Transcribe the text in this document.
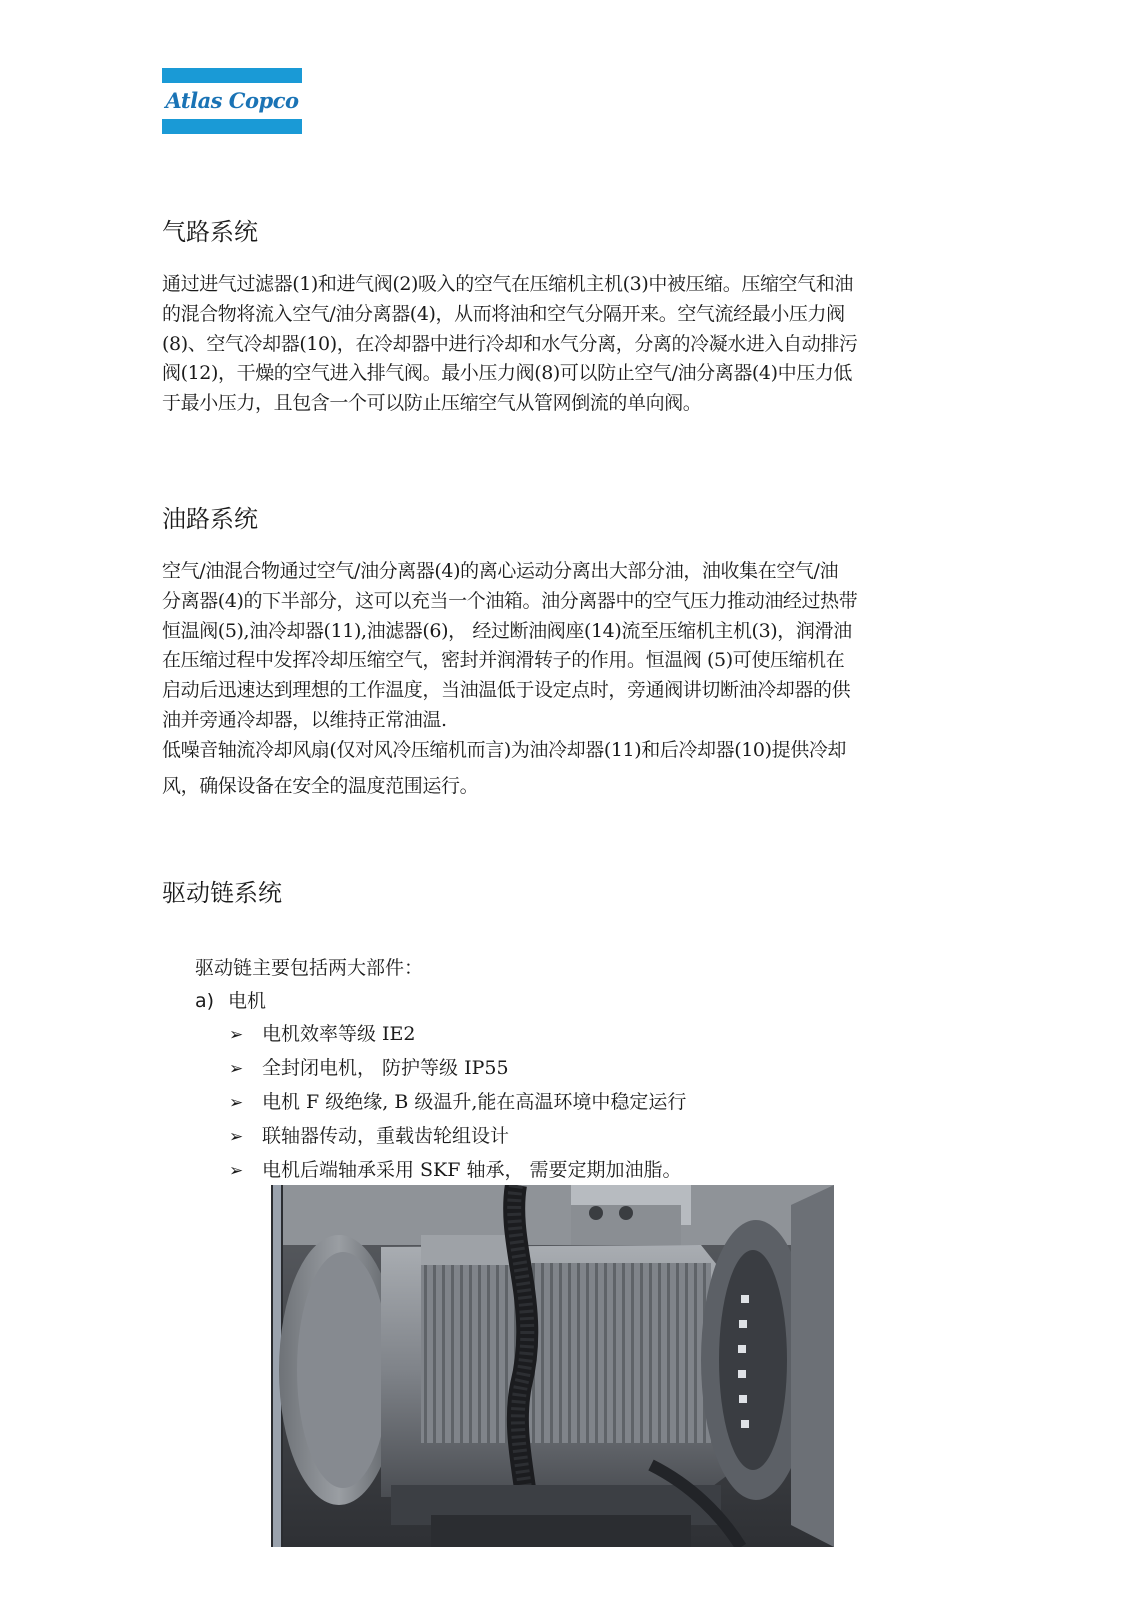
Atlas Copco
气路系统
通过进气过滤器(1)和进气阀(2)吸入的空气在压缩机主机(3)中被压缩。压缩空气和油
的混合物将流入空气/油分离器(4)，从而将油和空气分隔开来。空气流经最小压力阀
(8)、空气冷却器(10)，在冷却器中进行冷却和水气分离，分离的冷凝水进入自动排污
阀(12)，干燥的空气进入排气阀。最小压力阀(8)可以防止空气/油分离器(4)中压力低
于最小压力，且包含一个可以防止压缩空气从管网倒流的单向阀。
油路系统
空气/油混合物通过空气/油分离器(4)的离心运动分离出大部分油，油收集在空气/油
分离器(4)的下半部分，这可以充当一个油箱。油分离器中的空气压力推动油经过热带
恒温阀(5),油冷却器(11),油滤器(6)， 经过断油阀座(14)流至压缩机主机(3)，润滑油
在压缩过程中发挥冷却压缩空气，密封并润滑转子的作用。恒温阀 (5)可使压缩机在
启动后迅速达到理想的工作温度，当油温低于设定点时，旁通阀讲切断油冷却器的供
油并旁通冷却器，以维持正常油温.
低噪音轴流冷却风扇(仅对风冷压缩机而言)为油冷却器(11)和后冷却器(10)提供冷却
风，确保设备在安全的温度范围运行。
驱动链系统

驱动链主要包括两大部件：

a) 电机
➢ 电机效率等级 IE2
➢ 全封闭电机， 防护等级 IP55
➢ 电机 F 级绝缘, B 级温升,能在高温环境中稳定运行
➢ 联轴器传动，重载齿轮组设计
➢ 电机后端轴承采用 SKF 轴承， 需要定期加油脂。
